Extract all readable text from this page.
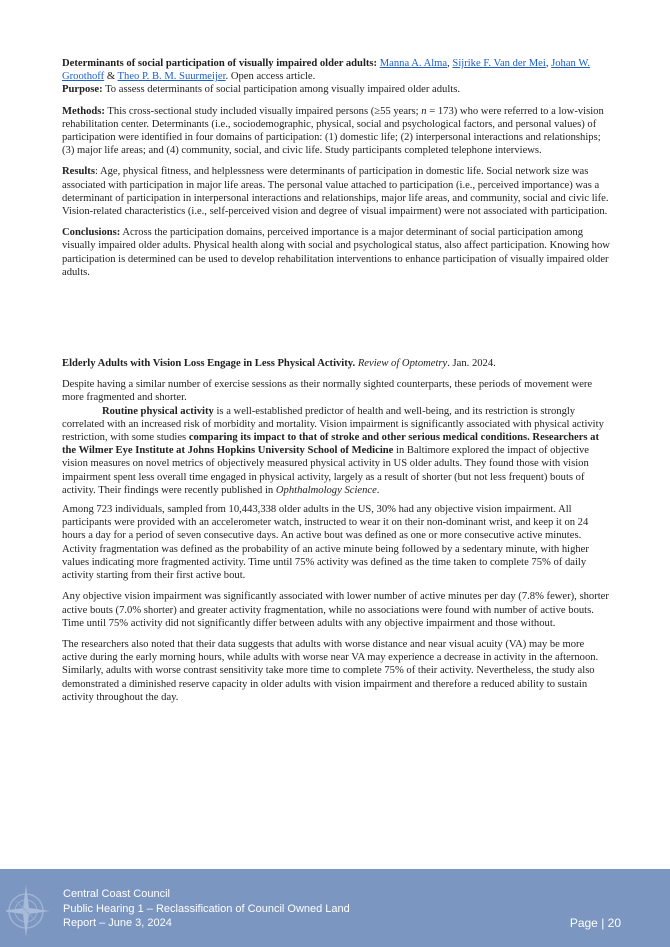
Determinants of social participation of visually impaired older adults: Manna A. Alma, Sijrike F. Van der Mei, Johan W. Groothoff & Theo P. B. M. Suurmeijer. Open access article.

Purpose: To assess determinants of social participation among visually impaired older adults.

Methods: This cross-sectional study included visually impaired persons (≥55 years; n = 173) who were referred to a low-vision rehabilitation center. Determinants (i.e., sociodemographic, physical, social and psychological factors, and personal values) of participation were identified in four domains of participation: (1) domestic life; (2) interpersonal interactions and relationships; (3) major life areas; and (4) community, social, and civic life. Study participants completed telephone interviews.

Results: Age, physical fitness, and helplessness were determinants of participation in domestic life. Social network size was associated with participation in major life areas. The personal value attached to participation (i.e., perceived importance) was a determinant of participation in interpersonal interactions and relationships, major life areas, and community, social and civic life. Vision-related characteristics (i.e., self-perceived vision and degree of visual impairment) were not associated with participation.

Conclusions: Across the participation domains, perceived importance is a major determinant of social participation among visually impaired older adults. Physical health along with social and psychological status, also affect participation. Knowing how participation is determined can be used to develop rehabilitation interventions to enhance participation of visually impaired older adults.

Elderly Adults with Vision Loss Engage in Less Physical Activity. Review of Optometry. Jan. 2024.

Despite having a similar number of exercise sessions as their normally sighted counterparts, these periods of movement were more fragmented and shorter.

Routine physical activity is a well-established predictor of health and well-being, and its restriction is strongly correlated with an increased risk of morbidity and mortality. Vision impairment is significantly associated with physical activity restriction, with some studies comparing its impact to that of stroke and other serious medical conditions. Researchers at the Wilmer Eye Institute at Johns Hopkins University School of Medicine in Baltimore explored the impact of objective vision measures on novel metrics of objectively measured physical activity in US older adults. They found those with vision impairment spent less overall time engaged in physical activity, largely as a result of shorter (but not less frequent) bouts of activity. Their findings were recently published in Ophthalmology Science.

Among 723 individuals, sampled from 10,443,338 older adults in the US, 30% had any objective vision impairment. All participants were provided with an accelerometer watch, instructed to wear it on their non-dominant wrist, and keep it on 24 hours a day for a period of seven consecutive days. An active bout was defined as one or more consecutive active minutes. Activity fragmentation was defined as the probability of an active minute being followed by a sedentary minute, with higher values indicating more fragmented activity. Time until 75% activity was defined as the time taken to complete 75% of daily activity starting from their first active bout.

Any objective vision impairment was significantly associated with lower number of active minutes per day (7.8% fewer), shorter active bouts (7.0% shorter) and greater activity fragmentation, while no associations were found with number of active bouts. Time until 75% activity did not significantly differ between adults with any objective impairment and those without.

The researchers also noted that their data suggests that adults with worse distance and near visual acuity (VA) may be more active during the early morning hours, while adults with worse near VA may experience a decrease in activity in the afternoon. Similarly, adults with worse contrast sensitivity take more time to complete 75% of their activity. Nevertheless, the study also demonstrated a diminished reserve capacity in older adults with vision impairment and therefore a reduced ability to sustain activity throughout the day.

Central Coast Council
Public Hearing 1 – Reclassification of Council Owned Land
Report – June 3, 2024	Page | 20
